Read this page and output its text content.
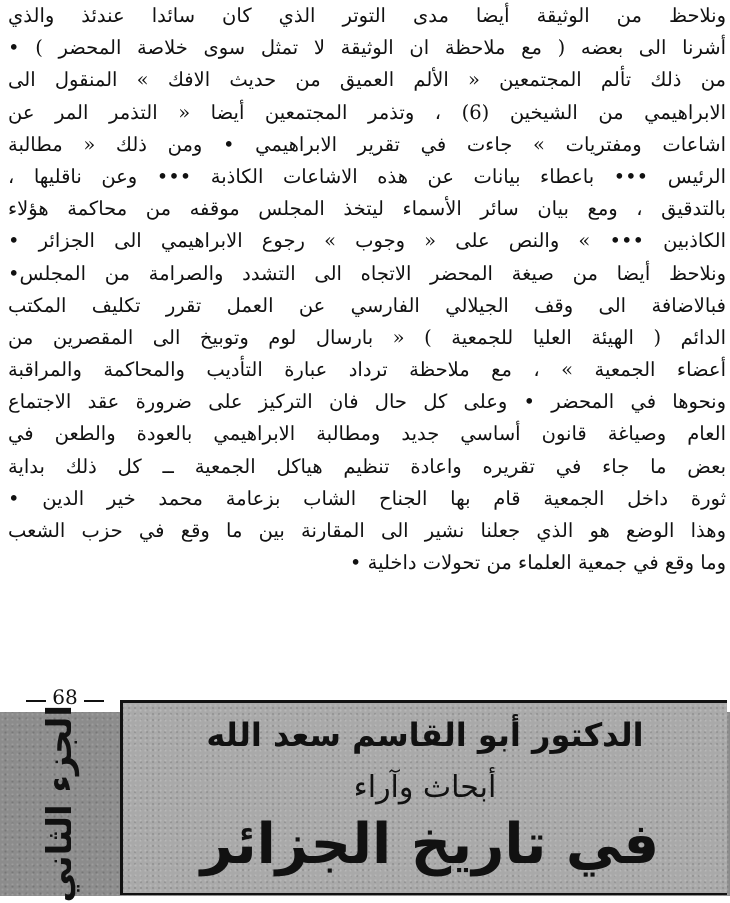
ونلاحظ من الوثيقة أيضا مدى التوتر الذي كان سائدا عندئذ والذي
أشرنا الى بعضه ( مع ملاحظة ان الوثيقة لا تمثل سوى خلاصة المحضر ) •
من ذلك تألم المجتمعين « الألم العميق من حديث الافك » المنقول الى
الابراهيمي من الشيخين (6) ، وتذمر المجتمعين أيضا « التذمر المر عن
اشاعات ومفتريات » جاءت في تقرير الابراهيمي • ومن ذلك « مطالبة
الرئيس ••• باعطاء بيانات عن هذه الاشاعات الكاذبة ••• وعن ناقليها ،
بالتدقيق ، ومع بيان سائر الأسماء ليتخذ المجلس موقفه من محاكمة هؤلاء
الكاذبين ••• » والنص على « وجوب » رجوع الابراهيمي الى الجزائر •
ونلاحظ أيضا من صيغة المحضر الاتجاه الى التشدد والصرامة من المجلس•
فبالاضافة الى وقف الجيلالي الفارسي عن العمل تقرر تكليف المكتب
الدائم ( الهيئة العليا للجمعية ) « بارسال لوم وتوبيخ الى المقصرين من
أعضاء الجمعية » ، مع ملاحظة ترداد عبارة التأديب والمحاكمة والمراقبة
ونحوها في المحضر • وعلى كل حال فان التركيز على ضرورة عقد الاجتماع
العام وصياغة قانون أساسي جديد ومطالبة الابراهيمي بالعودة والطعن في
بعض ما جاء في تقريره واعادة تنظيم هياكل الجمعية ــ كل ذلك بداية
ثورة داخل الجمعية قام بها الجناح الشاب بزعامة محمد خير الدين •
وهذا الوضع هو الذي جعلنا نشير الى المقارنة بين ما وقع في حزب الشعب
وما وقع في جمعية العلماء من تحولات داخلية •
68
الدكتور أبو القاسم سعد الله
أبحاث وآراء
في تاريخ الجزائر
الجزء الثاني
